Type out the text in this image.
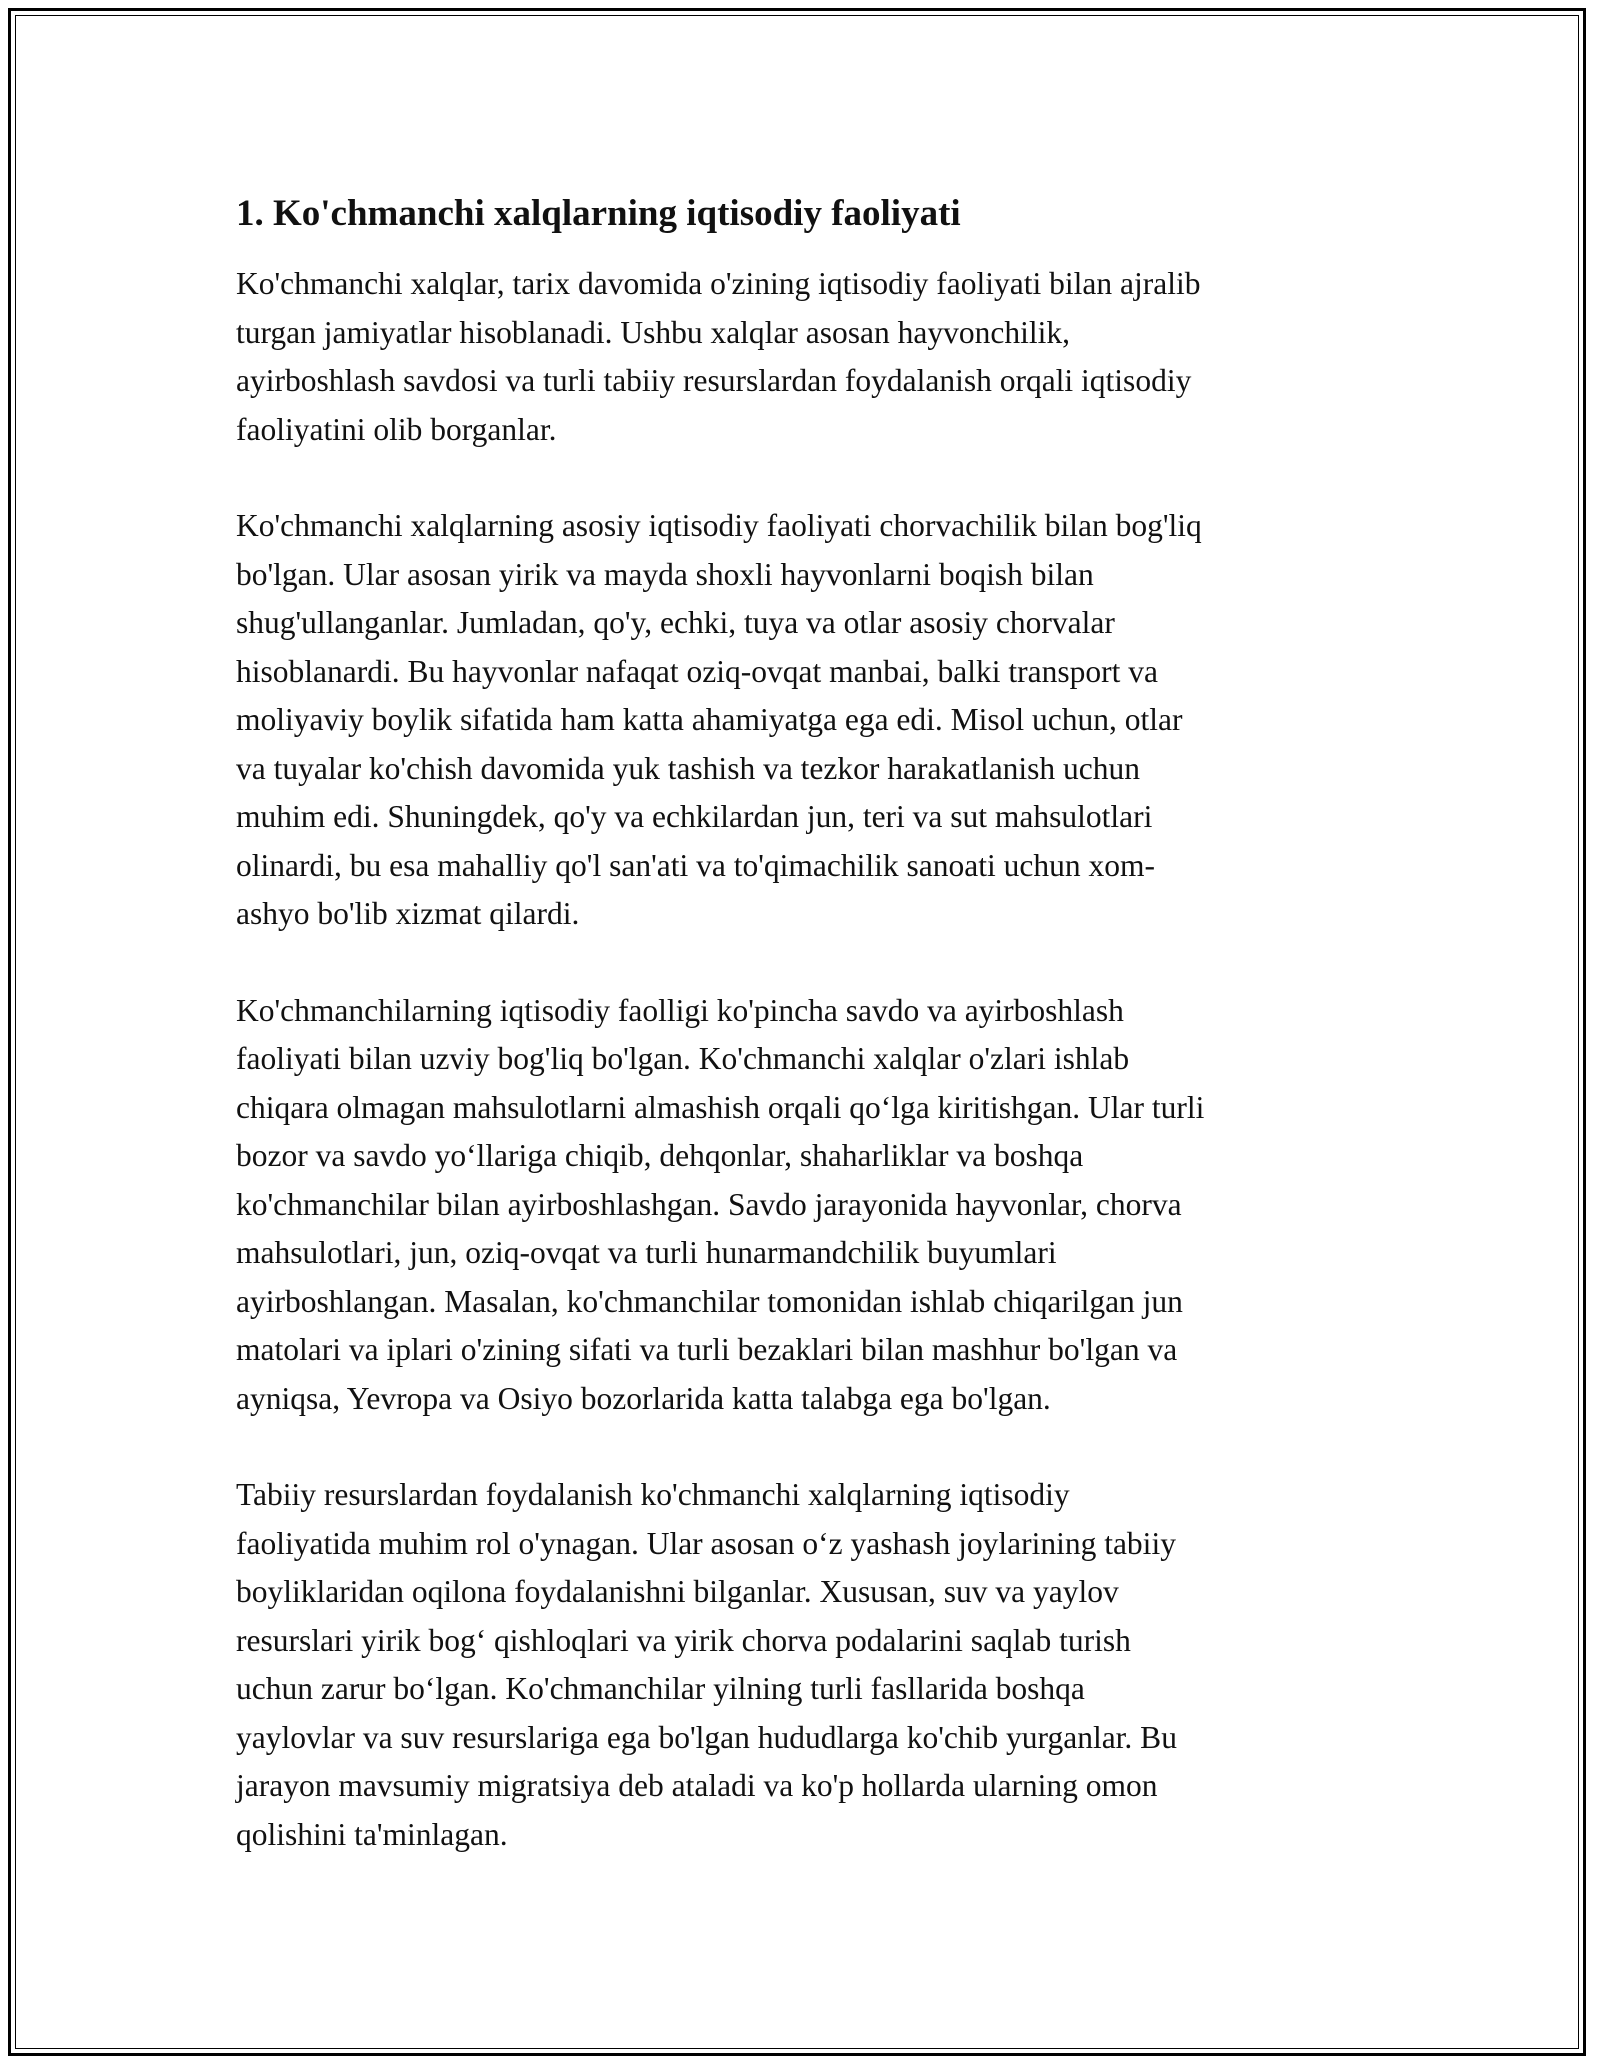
1. Ko'chmanchi xalqlarning iqtisodiy faoliyati

Ko'chmanchi xalqlar, tarix davomida o'zining iqtisodiy faoliyati bilan ajralib
turgan jamiyatlar hisoblanadi. Ushbu xalqlar asosan hayvonchilik,
ayirboshlash savdosi va turli tabiiy resurslardan foydalanish orqali iqtisodiy
faoliyatini olib borganlar.

Ko'chmanchi xalqlarning asosiy iqtisodiy faoliyati chorvachilik bilan bog'liq
bo'lgan. Ular asosan yirik va mayda shoxli hayvonlarni boqish bilan
shug'ullanganlar. Jumladan, qo'y, echki, tuya va otlar asosiy chorvalar
hisoblanardi. Bu hayvonlar nafaqat oziq-ovqat manbai, balki transport va
moliyaviy boylik sifatida ham katta ahamiyatga ega edi. Misol uchun, otlar
va tuyalar ko'chish davomida yuk tashish va tezkor harakatlanish uchun
muhim edi. Shuningdek, qo'y va echkilardan jun, teri va sut mahsulotlari
olinardi, bu esa mahalliy qo'l san'ati va to'qimachilik sanoati uchun xom-
ashyo bo'lib xizmat qilardi.

Ko'chmanchilarning iqtisodiy faolligi ko'pincha savdo va ayirboshlash
faoliyati bilan uzviy bog'liq bo'lgan. Ko'chmanchi xalqlar o'zlari ishlab
chiqara olmagan mahsulotlarni almashish orqali qo‘lga kiritishgan. Ular turli
bozor va savdo yo‘llariga chiqib, dehqonlar, shaharliklar va boshqa
ko'chmanchilar bilan ayirboshlashgan. Savdo jarayonida hayvonlar, chorva
mahsulotlari, jun, oziq-ovqat va turli hunarmandchilik buyumlari
ayirboshlangan. Masalan, ko'chmanchilar tomonidan ishlab chiqarilgan jun
matolari va iplari o'zining sifati va turli bezaklari bilan mashhur bo'lgan va
ayniqsa, Yevropa va Osiyo bozorlarida katta talabga ega bo'lgan.

Tabiiy resurslardan foydalanish ko'chmanchi xalqlarning iqtisodiy
faoliyatida muhim rol o'ynagan. Ular asosan o‘z yashash joylarining tabiiy
boyliklaridan oqilona foydalanishni bilganlar. Xususan, suv va yaylov
resurslari yirik bog‘ qishloqlari va yirik chorva podalarini saqlab turish
uchun zarur bo‘lgan. Ko'chmanchilar yilning turli fasllarida boshqa
yaylovlar va suv resurslariga ega bo'lgan hududlarga ko'chib yurganlar. Bu
jarayon mavsumiy migratsiya deb ataladi va ko'p hollarda ularning omon
qolishini ta'minlagan.
